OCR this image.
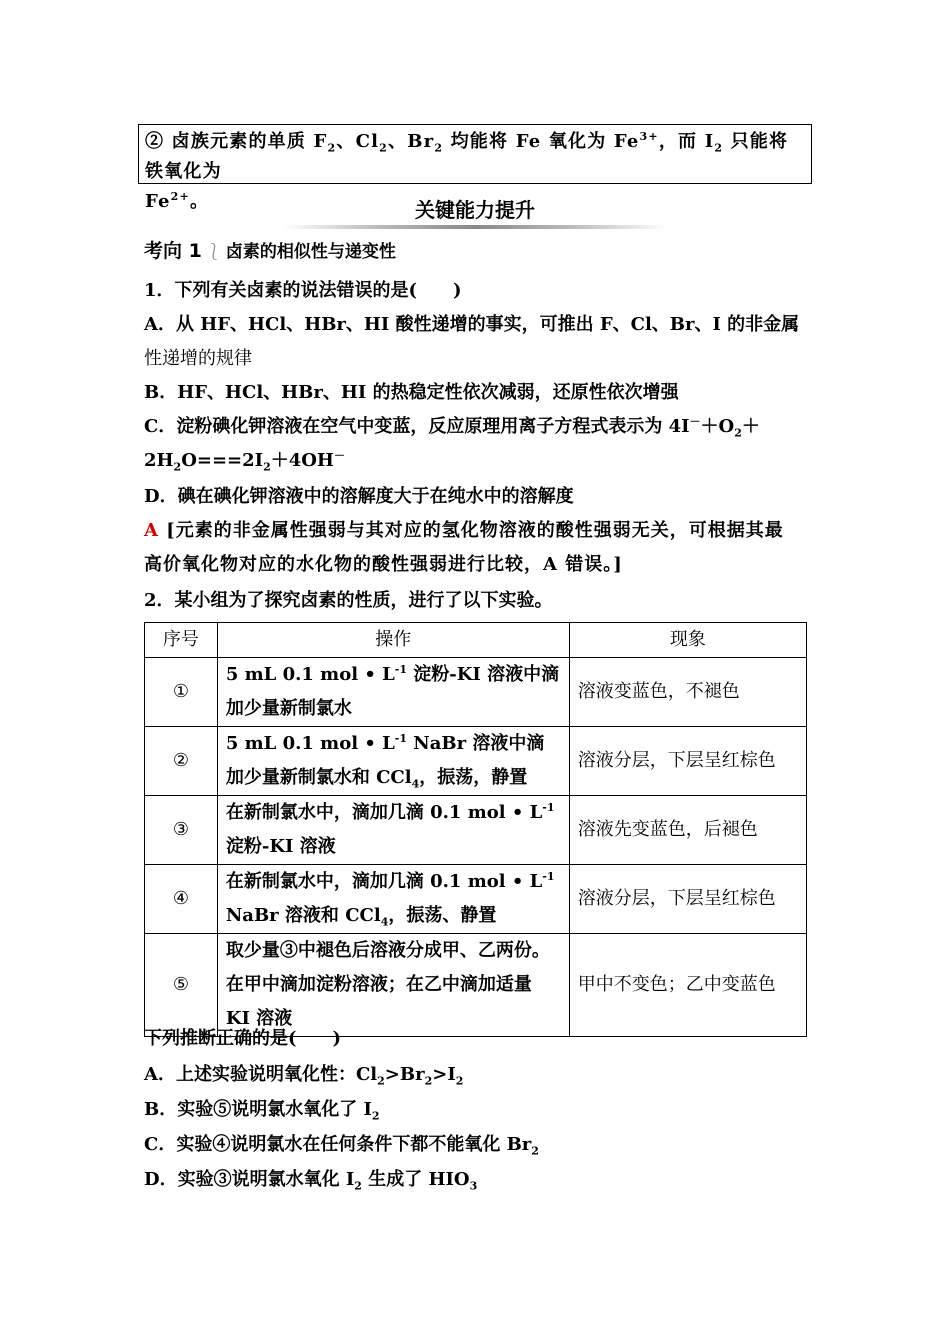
② 卤族元素的单质 $F_2$、$Cl_2$、$Br_2$ 均能将 Fe 氧化为 $Fe^{3+}$，而 $I_2$ 只能将铁氧化为
$Fe^{2+}$。	关键能力提升
考向 1 ⎱ 卤素的相似性与递变性

1．下列有关卤素的说法错误的是(　　)

A．从 HF、HCl、HBr、HI 酸性递增的事实，可推出 F、Cl、Br、I 的非金属

性递增的规律

B．HF、HCl、HBr、HI 的热稳定性依次减弱，还原性依次增强

C．淀粉碘化钾溶液在空气中变蓝，反应原理用离子方程式表示为 $4I^-+O_2+$

$2H_2O===2I_2+4OH^-$

D．碘在碘化钾溶液中的溶解度大于在纯水中的溶解度

A [元素的非金属性强弱与其对应的氢化物溶液的酸性强弱无关，可根据其最

高价氧化物对应的水化物的酸性强弱进行比较，A 错误。]

2．某小组为了探究卤素的性质，进行了以下实验。

序号	操作	现象
①	5 mL 0.1 mol • $L^{-1}$ 淀粉-KI 溶液中滴加少量新制氯水	溶液变蓝色，不褪色
②	5 mL 0.1 mol • $L^{-1}$ NaBr 溶液中滴加少量新制氯水和 CCl$_4$，振荡，静置	溶液分层，下层呈红棕色
③	在新制氯水中，滴加几滴 0.1 mol • $L^{-1}$ 淀粉-KI 溶液	溶液先变蓝色，后褪色
④	在新制氯水中，滴加几滴 0.1 mol • $L^{-1}$ NaBr 溶液和 CCl$_4$，振荡、静置	溶液分层，下层呈红棕色
⑤	取少量③中褪色后溶液分成甲、乙两份。在甲中滴加淀粉溶液；在乙中滴加适量 KI 溶液	甲中不变色；乙中变蓝色

下列推断正确的是(　　)

A．上述实验说明氧化性：$Cl_2>Br_2>I_2$

B．实验⑤说明氯水氧化了 $I_2$

C．实验④说明氯水在任何条件下都不能氧化 $Br_2$

D．实验③说明氯水氧化 $I_2$ 生成了 $HIO_3$
